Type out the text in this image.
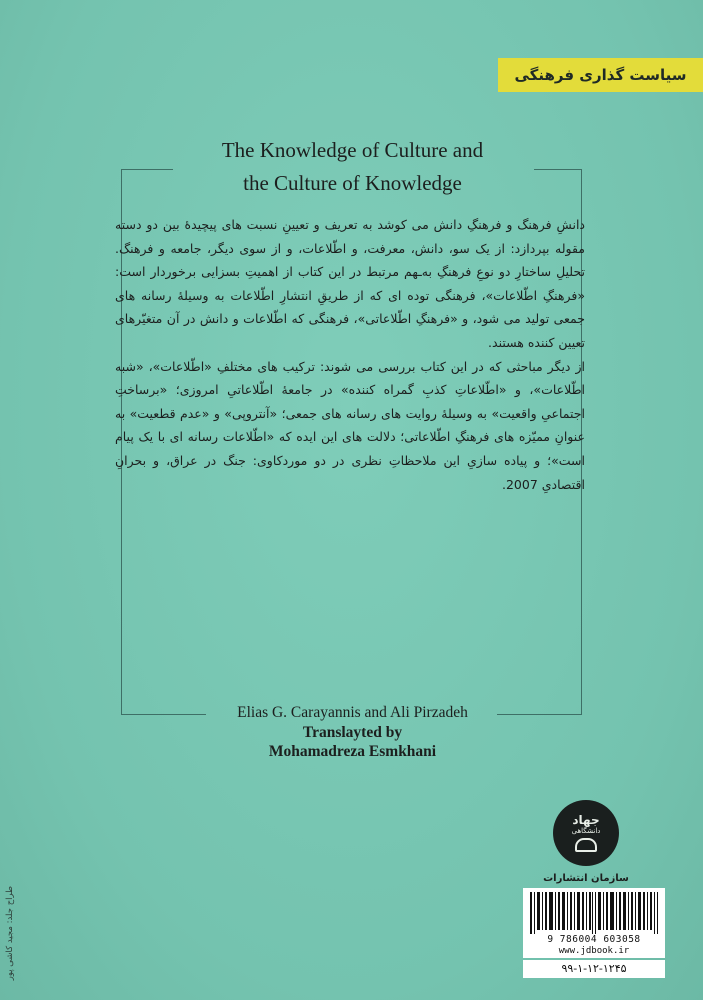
سیاست گذاری فرهنگی
The Knowledge of Culture and
the Culture of Knowledge

دانشِ فرهنگ و فرهنگِ دانش می کوشد به تعریف و تعیینِ نسبت های پیچیدهٔ بین دو دسته مقوله بپردازد: از یک سو، دانش، معرفت، و اطّلاعات، و از سوی دیگر، جامعه و فرهنگ. تحلیلِ ساختارِ دو نوعِ فرهنگِ به‌ـهم مرتبط در این کتاب از اهمیتِ بسزایی برخوردار است: «فرهنگِ اطّلاعات»، فرهنگی توده ای که از طریقِ انتشارِ اطّلاعات به وسیلهٔ رسانه های جمعی تولید می شود، و «فرهنگِ اطّلاعاتی»، فرهنگی که اطّلاعات و دانش در آن متغیّرهای تعیین کننده هستند.

از دیگر مباحثی که در این کتاب بررسی می شوند: ترکیب های مختلفِ «اطّلاعات»، «شبه اطّلاعات»، و «اطّلاعاتِ کذبِ گمراه کننده» در جامعهٔ اطّلاعاتیِ امروزی؛ «برساختِ اجتماعیِ واقعیت» به وسیلهٔ روایت های رسانه های جمعی؛ «آنتروپی» و «عدم قطعیت» به عنوانِ ممیّزه های فرهنگِ اطّلاعاتی؛ دلالت های این ایده که «اطّلاعات رسانه ای با یک پیام است»؛ و پیاده سازیِ این ملاحظاتِ نظری در دو موردکاوی: جنگ در عراق، و بحرانِ اقتصادیِ 2007.

Elias G. Carayannis and Ali Pirzadeh
Translayted by
Mohamadreza Esmkhani
جهاد
دانشگاهی
سازمان انتشارات
9 786004 603058
www.jdbook.ir
۹۹-۱-۱۲-۱۲۴۵
طراح جلد: مجید کاشی پور
